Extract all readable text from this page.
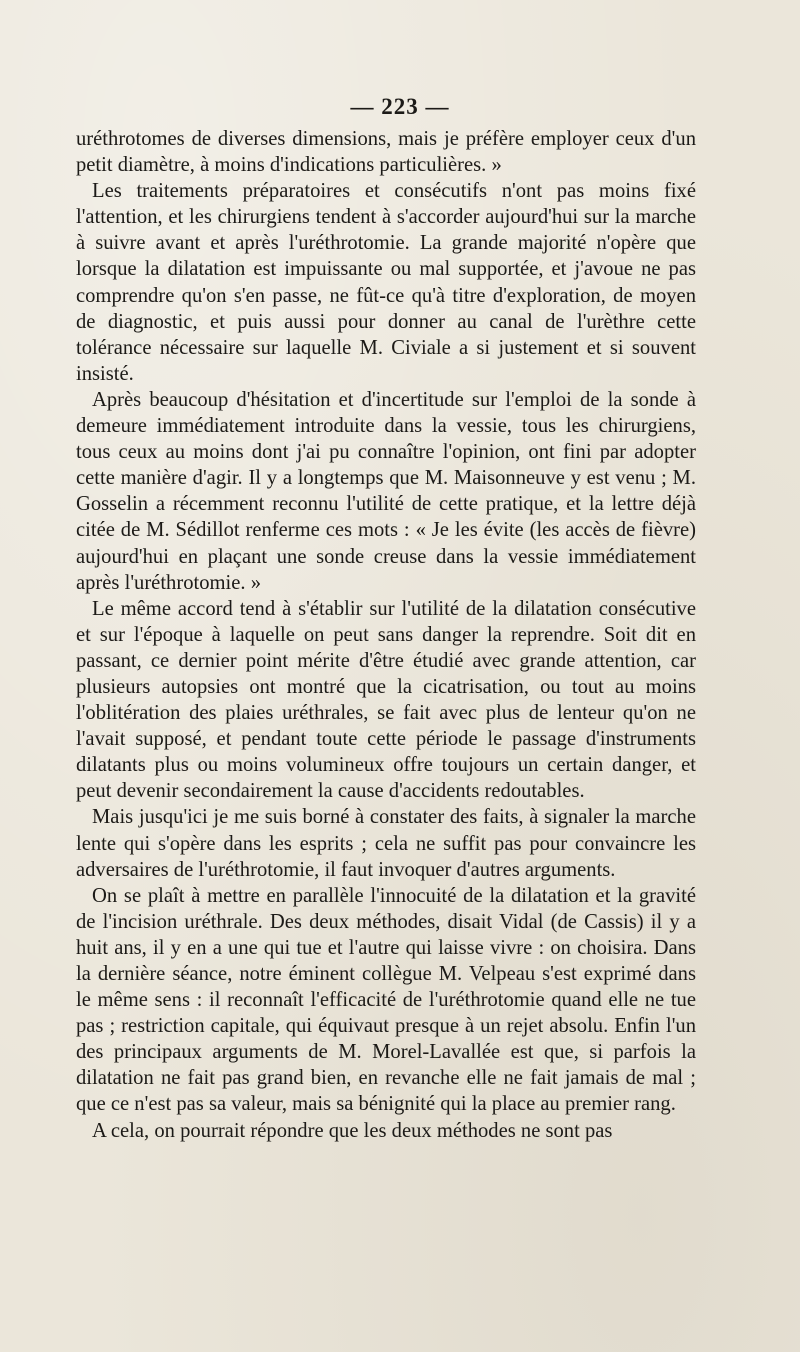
— 223 —

uréthrotomes de diverses dimensions, mais je préfère employer ceux d'un petit diamètre, à moins d'indications particulières. »

Les traitements préparatoires et consécutifs n'ont pas moins fixé l'attention, et les chirurgiens tendent à s'accorder aujourd'hui sur la marche à suivre avant et après l'uréthrotomie. La grande majorité n'opère que lorsque la dilatation est impuissante ou mal supportée, et j'avoue ne pas comprendre qu'on s'en passe, ne fût-ce qu'à titre d'exploration, de moyen de diagnostic, et puis aussi pour donner au canal de l'urèthre cette tolérance nécessaire sur laquelle M. Civiale a si justement et si souvent insisté.

Après beaucoup d'hésitation et d'incertitude sur l'emploi de la sonde à demeure immédiatement introduite dans la vessie, tous les chirurgiens, tous ceux au moins dont j'ai pu connaître l'opinion, ont fini par adopter cette manière d'agir. Il y a longtemps que M. Maisonneuve y est venu ; M. Gosselin a récemment reconnu l'utilité de cette pratique, et la lettre déjà citée de M. Sédillot renferme ces mots : « Je les évite (les accès de fièvre) aujourd'hui en plaçant une sonde creuse dans la vessie immédiatement après l'uréthrotomie. »

Le même accord tend à s'établir sur l'utilité de la dilatation consécutive et sur l'époque à laquelle on peut sans danger la reprendre. Soit dit en passant, ce dernier point mérite d'être étudié avec grande attention, car plusieurs autopsies ont montré que la cicatrisation, ou tout au moins l'oblitération des plaies uréthrales, se fait avec plus de lenteur qu'on ne l'avait supposé, et pendant toute cette période le passage d'instruments dilatants plus ou moins volumineux offre toujours un certain danger, et peut devenir secondairement la cause d'accidents redoutables.

Mais jusqu'ici je me suis borné à constater des faits, à signaler la marche lente qui s'opère dans les esprits ; cela ne suffit pas pour convaincre les adversaires de l'uréthrotomie, il faut invoquer d'autres arguments.

On se plaît à mettre en parallèle l'innocuité de la dilatation et la gravité de l'incision uréthrale. Des deux méthodes, disait Vidal (de Cassis) il y a huit ans, il y en a une qui tue et l'autre qui laisse vivre : on choisira. Dans la dernière séance, notre éminent collègue M. Velpeau s'est exprimé dans le même sens : il reconnaît l'efficacité de l'uréthrotomie quand elle ne tue pas ; restriction capitale, qui équivaut presque à un rejet absolu. Enfin l'un des principaux arguments de M. Morel-Lavallée est que, si parfois la dilatation ne fait pas grand bien, en revanche elle ne fait jamais de mal ; que ce n'est pas sa valeur, mais sa bénignité qui la place au premier rang.

A cela, on pourrait répondre que les deux méthodes ne sont pas
